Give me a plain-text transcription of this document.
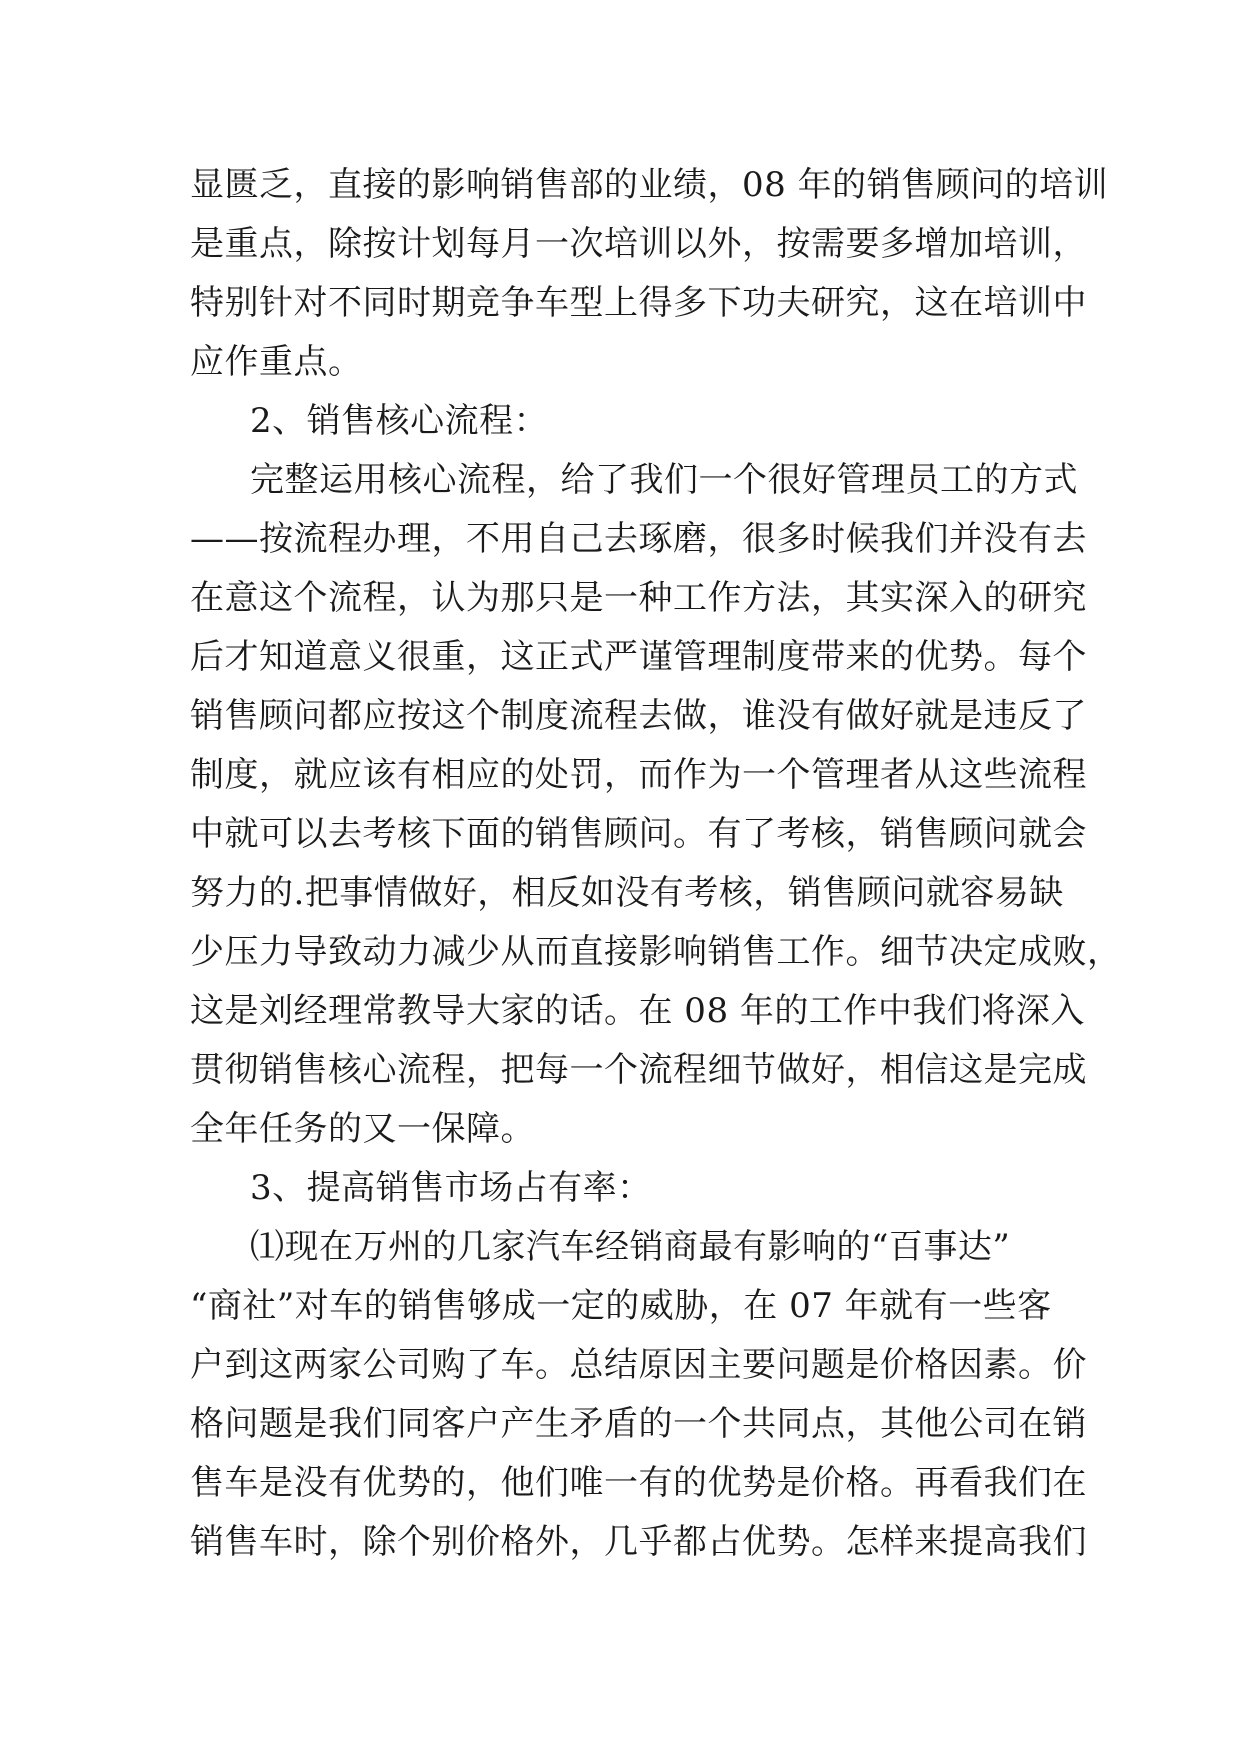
显匮乏，直接的影响销售部的业绩，08 年的销售顾问的培训
是重点，除按计划每月一次培训以外，按需要多增加培训，
特别针对不同时期竞争车型上得多下功夫研究，这在培训中
应作重点。
2、销售核心流程：
完整运用核心流程，给了我们一个很好管理员工的方式
——按流程办理，不用自己去琢磨，很多时候我们并没有去
在意这个流程，认为那只是一种工作方法，其实深入的研究
后才知道意义很重，这正式严谨管理制度带来的优势。每个
销售顾问都应按这个制度流程去做，谁没有做好就是违反了
制度，就应该有相应的处罚，而作为一个管理者从这些流程
中就可以去考核下面的销售顾问。有了考核，销售顾问就会
努力的.把事情做好，相反如没有考核，销售顾问就容易缺
少压力导致动力减少从而直接影响销售工作。细节决定成败，
这是刘经理常教导大家的话。在 08 年的工作中我们将深入
贯彻销售核心流程，把每一个流程细节做好，相信这是完成
全年任务的又一保障。
3、提高销售市场占有率：
⑴现在万州的几家汽车经销商最有影响的“百事达”
“商社”对车的销售够成一定的威胁，在 07 年就有一些客
户到这两家公司购了车。总结原因主要问题是价格因素。价
格问题是我们同客户产生矛盾的一个共同点，其他公司在销
售车是没有优势的，他们唯一有的优势是价格。再看我们在
销售车时，除个别价格外，几乎都占优势。怎样来提高我们
